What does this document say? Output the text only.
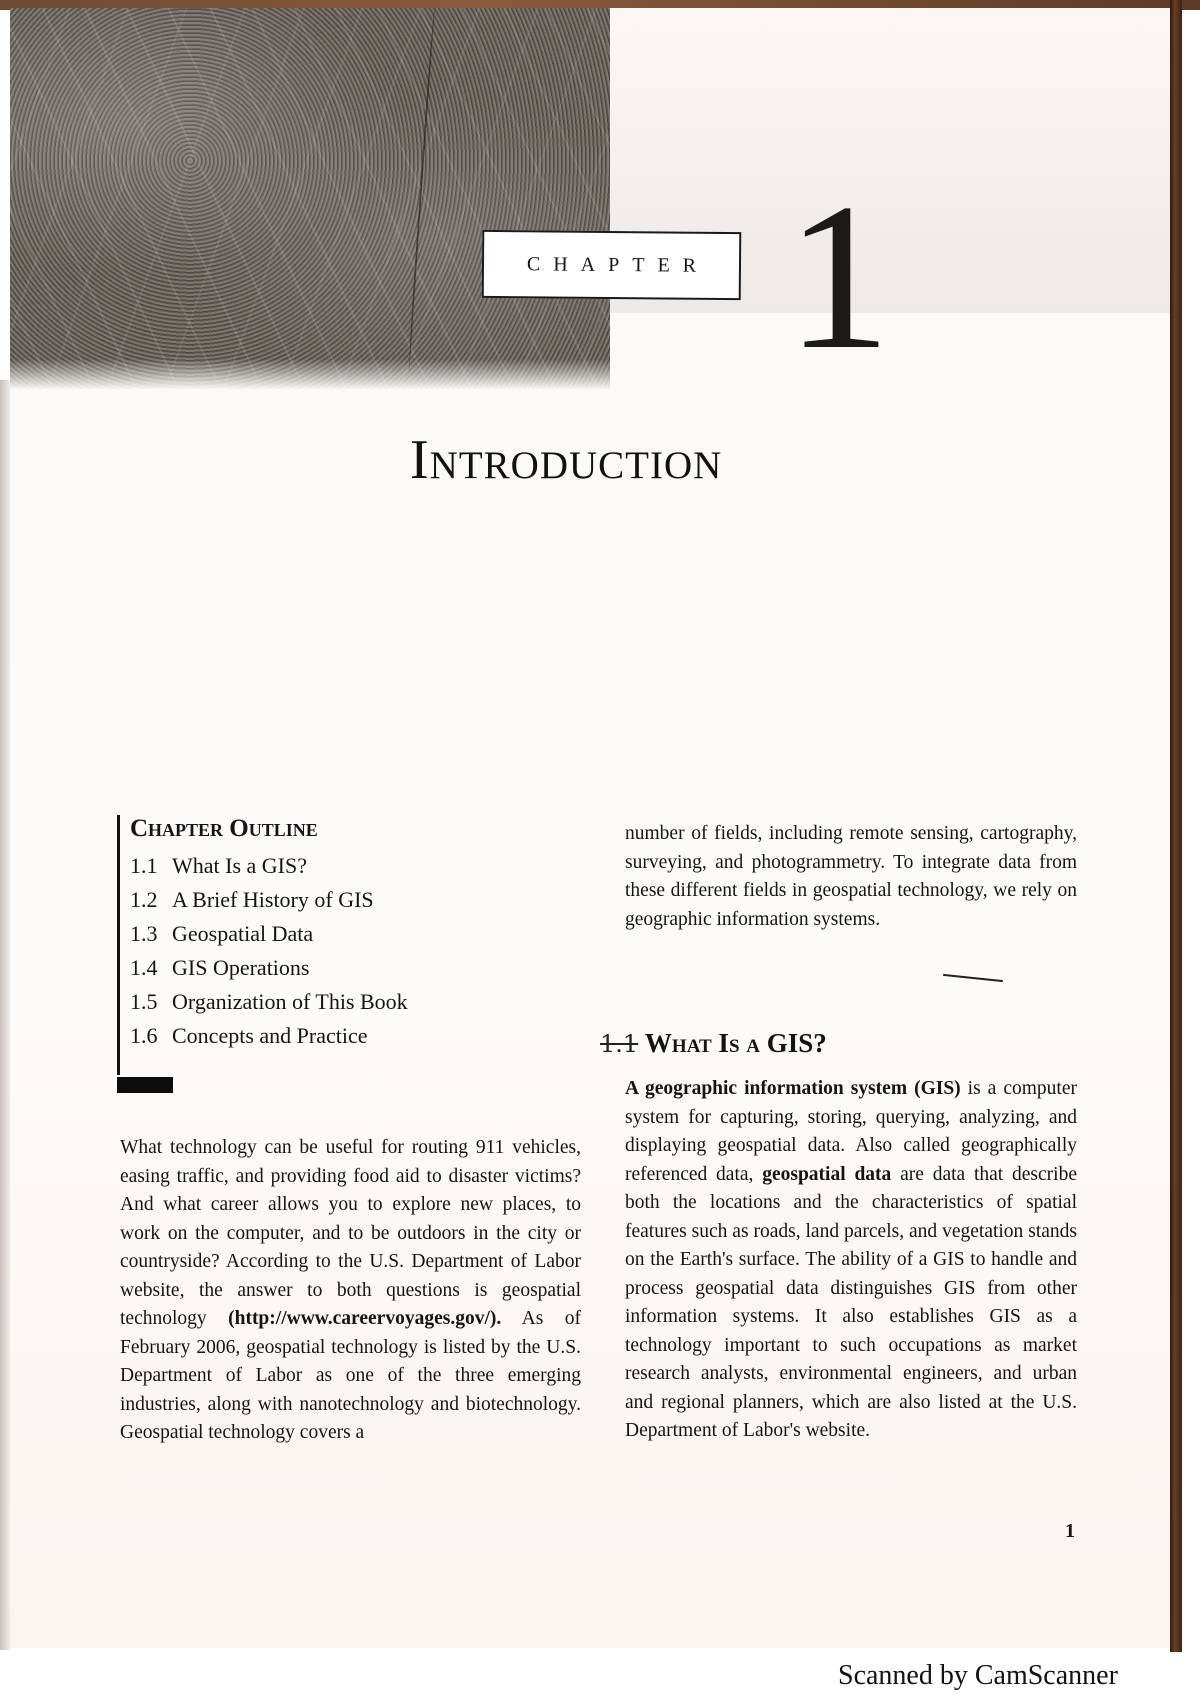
CHAPTER 1
Introduction
Chapter Outline
1.1 What Is a GIS?
1.2 A Brief History of GIS
1.3 Geospatial Data
1.4 GIS Operations
1.5 Organization of This Book
1.6 Concepts and Practice

What technology can be useful for routing 911 vehicles, easing traffic, and providing food aid to disaster victims? And what career allows you to explore new places, to work on the computer, and to be outdoors in the city or countryside? According to the U.S. Department of Labor website, the answer to both questions is geospatial technology (http://www.careervoyages.gov/). As of February 2006, geospatial technology is listed by the U.S. Department of Labor as one of the three emerging industries, along with nanotechnology and biotechnology. Geospatial technology covers a

number of fields, including remote sensing, cartography, surveying, and photogrammetry. To integrate data from these different fields in geospatial technology, we rely on geographic information systems.

1.1 What Is a GIS?

A geographic information system (GIS) is a computer system for capturing, storing, querying, analyzing, and displaying geospatial data. Also called geographically referenced data, geospatial data are data that describe both the locations and the characteristics of spatial features such as roads, land parcels, and vegetation stands on the Earth's surface. The ability of a GIS to handle and process geospatial data distinguishes GIS from other information systems. It also establishes GIS as a technology important to such occupations as market research analysts, environmental engineers, and urban and regional planners, which are also listed at the U.S. Department of Labor's website.

1
Scanned by CamScanner
